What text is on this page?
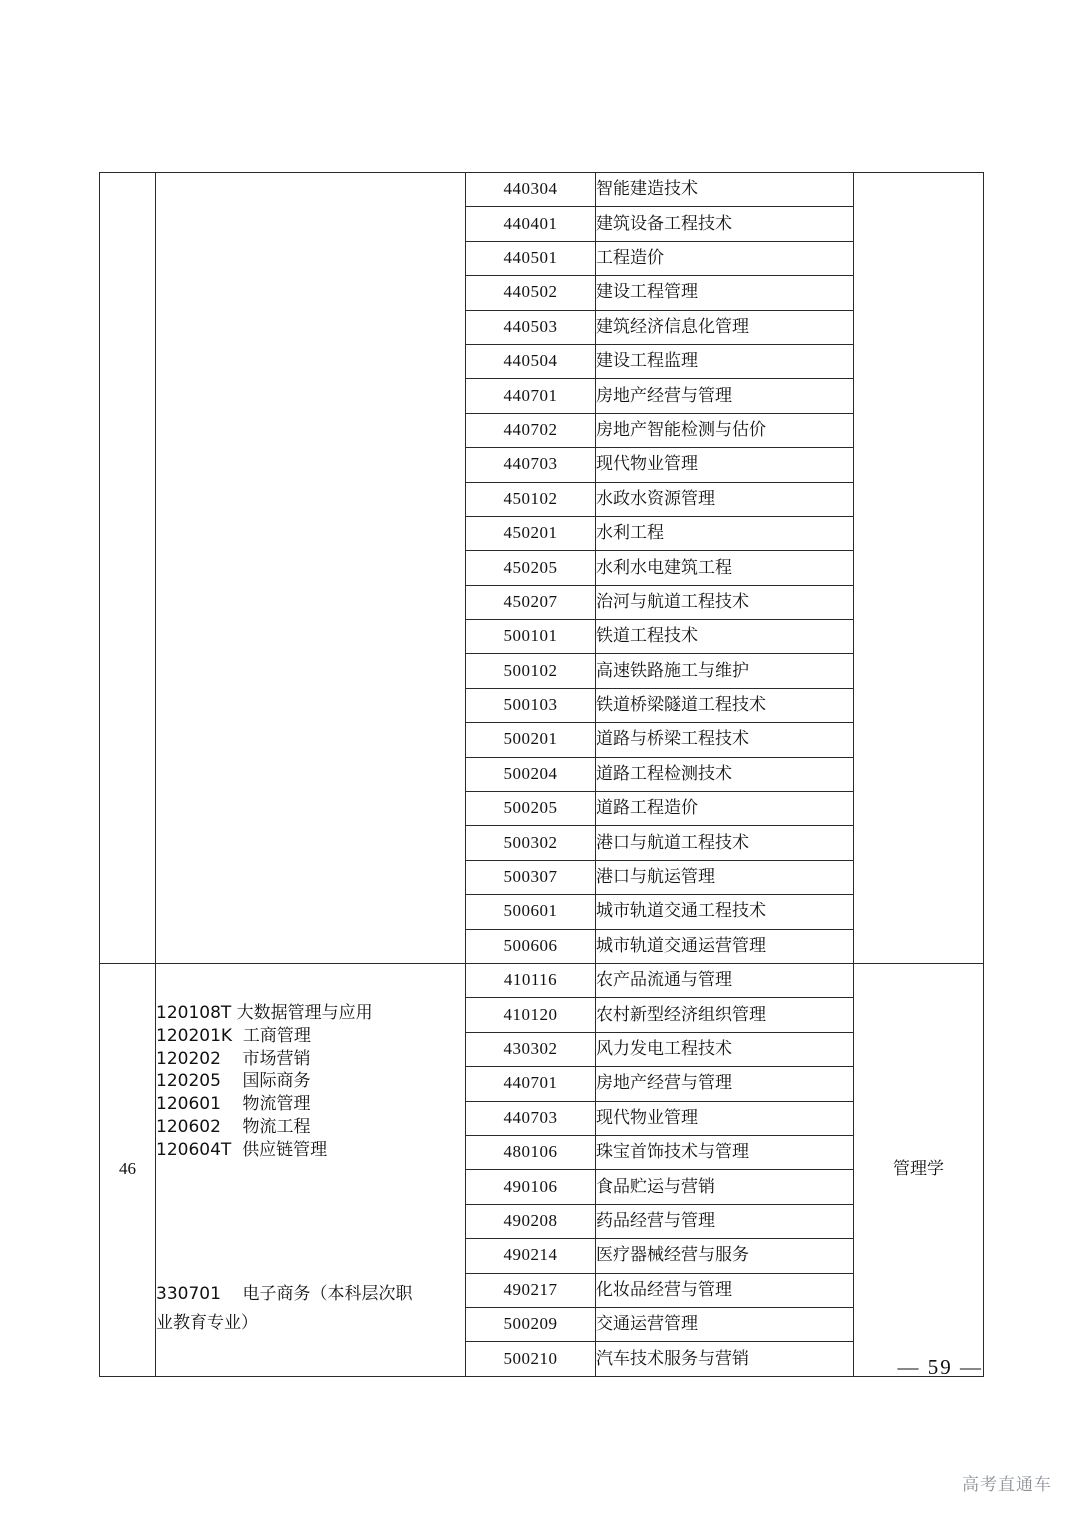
		440304	智能建造技术	
		440401	建筑设备工程技术	
		440501	工程造价	
		440502	建设工程管理	
		440503	建筑经济信息化管理	
		440504	建设工程监理	
		440701	房地产经营与管理	
		440702	房地产智能检测与估价	
		440703	现代物业管理	
		450102	水政水资源管理	
		450201	水利工程	
		450205	水利水电建筑工程	
		450207	治河与航道工程技术	
		500101	铁道工程技术	
		500102	高速铁路施工与维护	
		500103	铁道桥梁隧道工程技术	
		500201	道路与桥梁工程技术	
		500204	道路工程检测技术	
		500205	道路工程造价	
		500302	港口与航道工程技术	
		500307	港口与航运管理	
		500601	城市轨道交通工程技术	
		500606	城市轨道交通运营管理	
46	
120108T 大数据管理与应用
120201K  工商管理
120202    市场营销
120205    国际商务
120601    物流管理
120602    物流工程
120604T  供应链管理
330701    电子商务（本科层次职
业教育专业）
	410116	农产品流通与管理	管理学
		410120	农村新型经济组织管理	
		430302	风力发电工程技术	
		440701	房地产经营与管理	
		440703	现代物业管理	
		480106	珠宝首饰技术与管理	
		490106	食品贮运与营销	
		490208	药品经营与管理	
		490214	医疗器械经营与服务	
		490217	化妆品经营与管理	
		500209	交通运营管理	
		500210	汽车技术服务与营销		— 59 —
高考直通车
